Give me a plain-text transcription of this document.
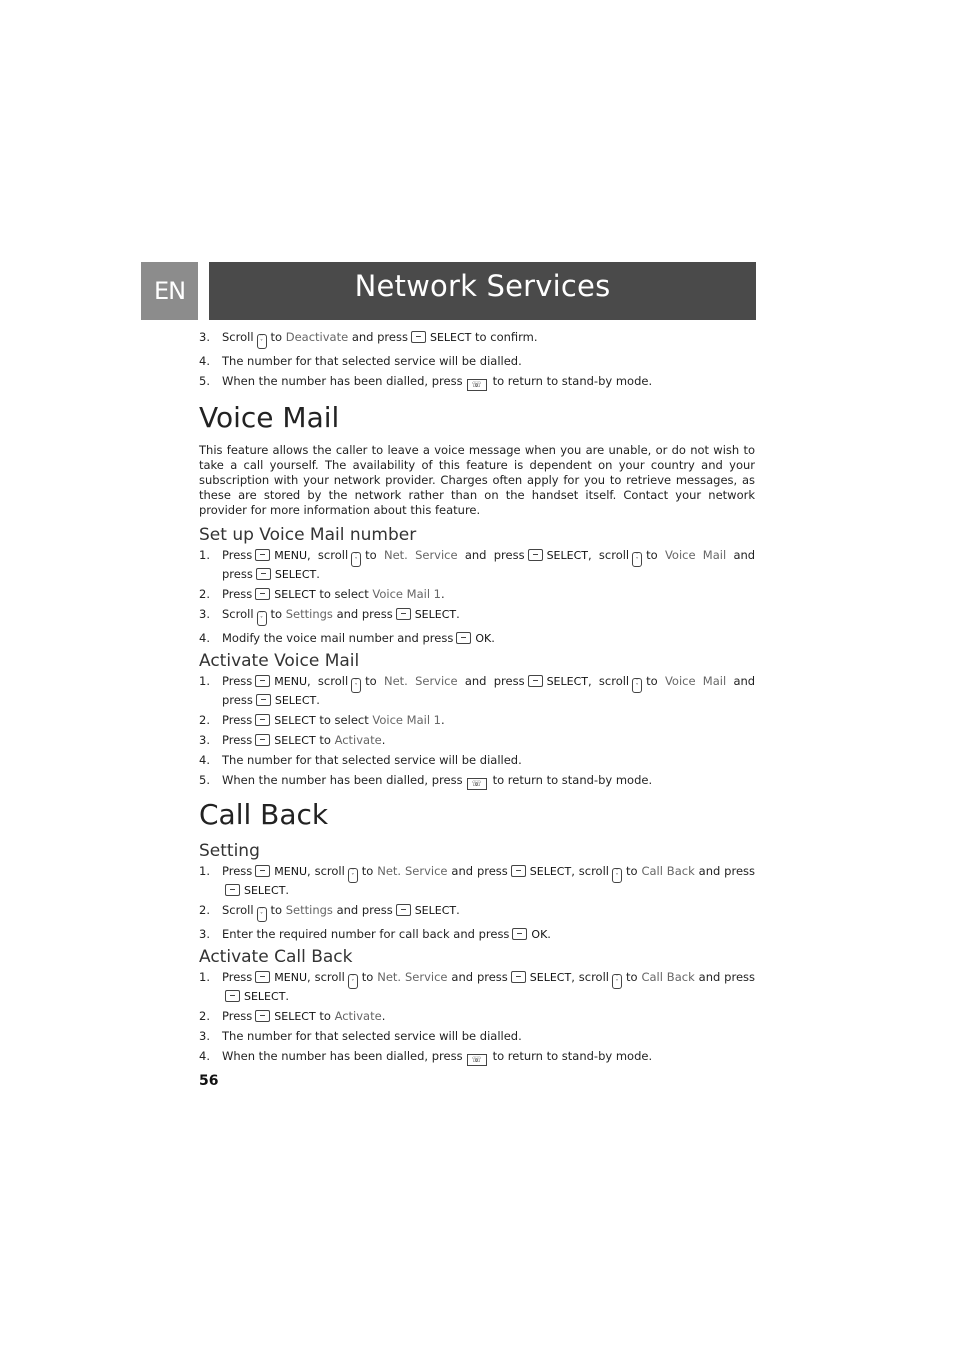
EN	Network Services
3. Scroll ˄
˅ to Deactivate and press SELECT to confirm.
4. The number for that selected service will be dialled.
5. When the number has been dialled, press ☏ to return to stand-by mode.
Voice Mail

This feature allows the caller to leave a voice message when you are unable, or do not wish to take a call yourself. The availability of this feature is dependent on your country and your subscription with your network provider. Charges often apply for you to retrieve messages, as these are stored by the network rather than on the handset itself. Contact your network provider for more information about this feature.

Set up Voice Mail number
1. Press MENU, scroll ˄
˅ to Net. Service and press SELECT, scroll ˄
˅ to Voice Mail and press SELECT.
2. Press SELECT to select Voice Mail 1.
3. Scroll ˄
˅ to Settings and press SELECT.
4. Modify the voice mail number and press OK.
Activate Voice Mail
1. Press MENU, scroll ˄
˅ to Net. Service and press SELECT, scroll ˄
˅ to Voice Mail and press SELECT.
2. Press SELECT to select Voice Mail 1.
3. Press SELECT to Activate.
4. The number for that selected service will be dialled.
5. When the number has been dialled, press ☏ to return to stand-by mode.
Call Back
Setting
1. Press MENU, scroll ˄
˅ to Net. Service and press SELECT, scroll ˄
˅ to Call Back and pressSELECT.
2. Scroll ˄
˅ to Settings and press SELECT.
3. Enter the required number for call back and press OK.
Activate Call Back
1. Press MENU, scroll ˄
˅ to Net. Service and press SELECT, scroll ˄
˅ to Call Back and pressSELECT.
2. Press SELECT to Activate.
3. The number for that selected service will be dialled.
4. When the number has been dialled, press ☏ to return to stand-by mode.
56
